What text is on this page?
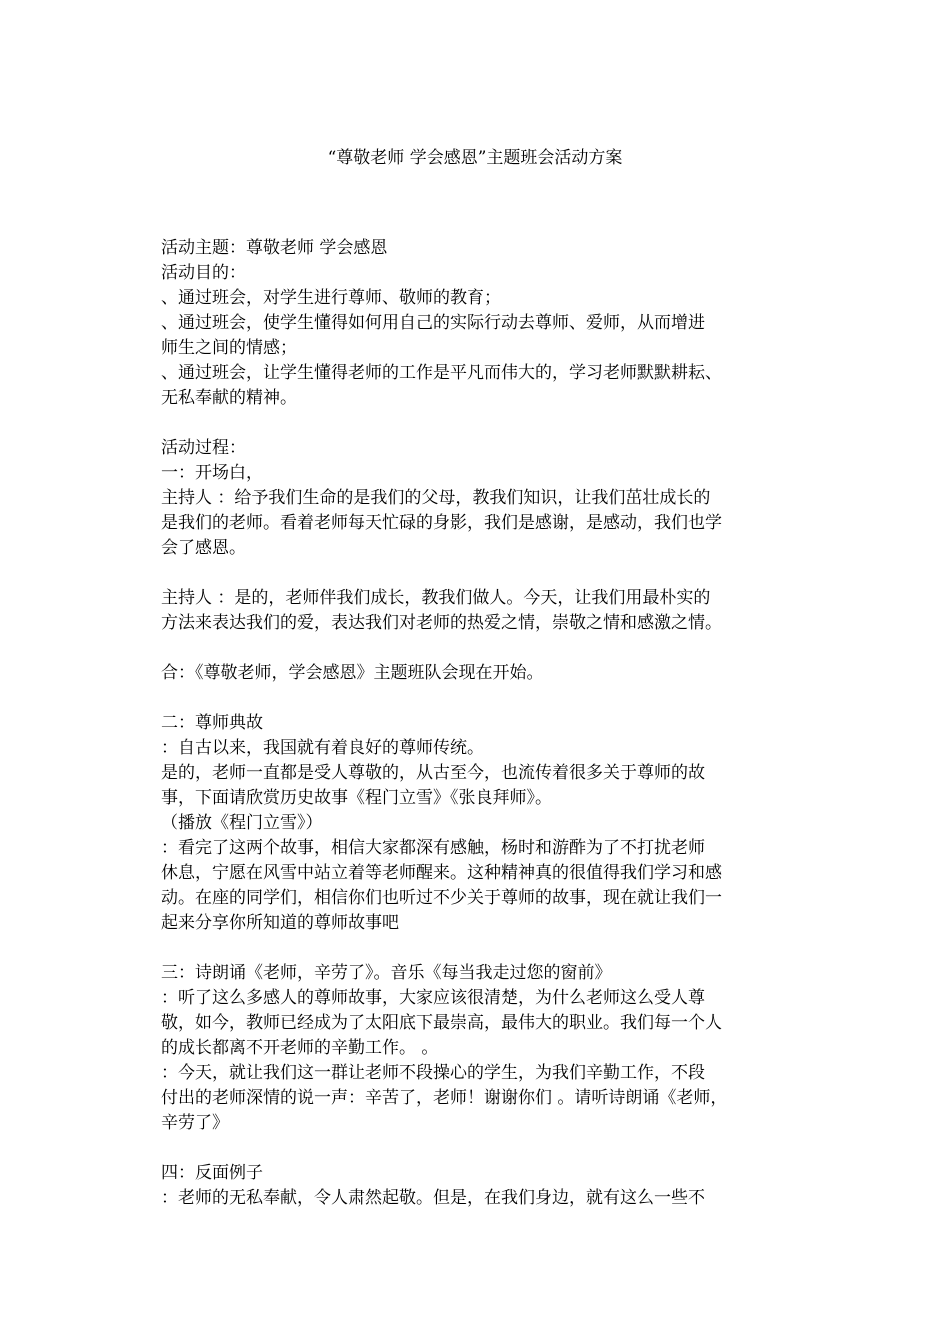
“尊敬老师 学会感恩”主题班会活动方案

活动主题：尊敬老师 学会感恩

活动目的：

、通过班会，对学生进行尊师、敬师的教育；

、通过班会，使学生懂得如何用自己的实际行动去尊师、爱师，从而增进

师生之间的情感；

、通过班会，让学生懂得老师的工作是平凡而伟大的，学习老师默默耕耘、

无私奉献的精神。

活动过程：

一：开场白，

主持人 ：给予我们生命的是我们的父母，教我们知识，让我们茁壮成长的

是我们的老师。看着老师每天忙碌的身影，我们是感谢，是感动，我们也学

会了感恩。

主持人 ：是的，老师伴我们成长，教我们做人。今天，让我们用最朴实的

方法来表达我们的爱，表达我们对老师的热爱之情，崇敬之情和感激之情。

合：《尊敬老师，学会感恩》主题班队会现在开始。

二：尊师典故

：自古以来，我国就有着良好的尊师传统。

是的，老师一直都是受人尊敬的，从古至今，也流传着很多关于尊师的故

事，下面请欣赏历史故事《程门立雪》《张良拜师》。

（播放《程门立雪》）

：看完了这两个故事，相信大家都深有感触，杨时和游酢为了不打扰老师

休息，宁愿在风雪中站立着等老师醒来。这种精神真的很值得我们学习和感

动。在座的同学们，相信你们也听过不少关于尊师的故事，现在就让我们一

起来分享你所知道的尊师故事吧

三：诗朗诵《老师，辛劳了》。音乐《每当我走过您的窗前》

：听了这么多感人的尊师故事，大家应该很清楚，为什么老师这么受人尊

敬，如今，教师已经成为了太阳底下最崇高，最伟大的职业。我们每一个人

的成长都离不开老师的辛勤工作。 。

：今天，就让我们这一群让老师不段操心的学生，为我们辛勤工作，不段

付出的老师深情的说一声：辛苦了，老师！谢谢你们 。请听诗朗诵《老师，

辛劳了》

四：反面例子

：老师的无私奉献，令人肃然起敬。但是，在我们身边，就有这么一些不
